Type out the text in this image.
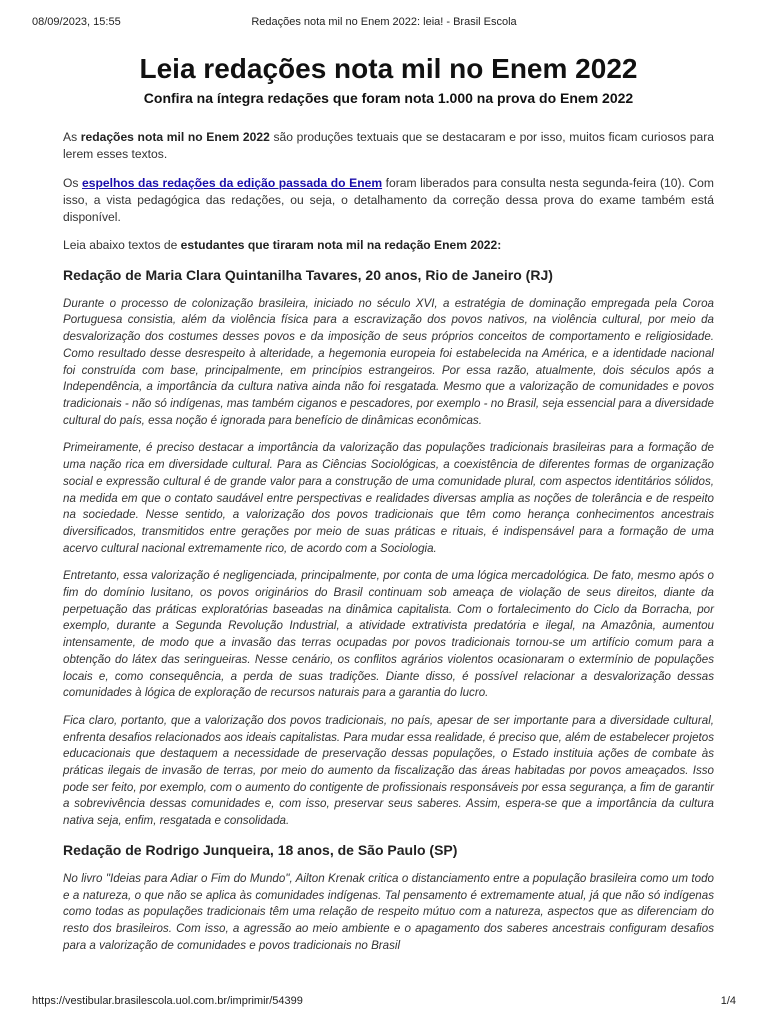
08/09/2023, 15:55	Redações nota mil no Enem 2022: leia! - Brasil Escola
Leia redações nota mil no Enem 2022

Confira na íntegra redações que foram nota 1.000 na prova do Enem 2022

As redações nota mil no Enem 2022 são produções textuais que se destacaram e por isso, muitos ficam curiosos para lerem esses textos.

Os espelhos das redações da edição passada do Enem foram liberados para consulta nesta segunda-feira (10). Com isso, a vista pedagógica das redações, ou seja, o detalhamento da correção dessa prova do exame também está disponível.

Leia abaixo textos de estudantes que tiraram nota mil na redação Enem 2022:

Redação de Maria Clara Quintanilha Tavares, 20 anos, Rio de Janeiro (RJ)

Durante o processo de colonização brasileira, iniciado no século XVI, a estratégia de dominação empregada pela Coroa Portuguesa consistia, além da violência física para a escravização dos povos nativos, na violência cultural, por meio da desvalorização dos costumes desses povos e da imposição de seus próprios conceitos de comportamento e religiosidade. Como resultado desse desrespeito à alteridade, a hegemonia europeia foi estabelecida na América, e a identidade nacional foi construída com base, principalmente, em princípios estrangeiros. Por essa razão, atualmente, dois séculos após a Independência, a importância da cultura nativa ainda não foi resgatada. Mesmo que a valorização de comunidades e povos tradicionais - não só indígenas, mas também ciganos e pescadores, por exemplo - no Brasil, seja essencial para a diversidade cultural do país, essa noção é ignorada para benefício de dinâmicas econômicas.

Primeiramente, é preciso destacar a importância da valorização das populações tradicionais brasileiras para a formação de uma nação rica em diversidade cultural. Para as Ciências Sociológicas, a coexistência de diferentes formas de organização social e expressão cultural é de grande valor para a construção de uma comunidade plural, com aspectos identitários sólidos, na medida em que o contato saudável entre perspectivas e realidades diversas amplia as noções de tolerância e de respeito na sociedade. Nesse sentido, a valorização dos povos tradicionais que têm como herança conhecimentos ancestrais diversificados, transmitidos entre gerações por meio de suas práticas e rituais, é indispensável para a formação de uma acervo cultural nacional extremamente rico, de acordo com a Sociologia.

Entretanto, essa valorização é negligenciada, principalmente, por conta de uma lógica mercadológica. De fato, mesmo após o fim do domínio lusitano, os povos originários do Brasil continuam sob ameaça de violação de seus direitos, diante da perpetuação das práticas exploratórias baseadas na dinâmica capitalista. Com o fortalecimento do Ciclo da Borracha, por exemplo, durante a Segunda Revolução Industrial, a atividade extrativista predatória e ilegal, na Amazônia, aumentou intensamente, de modo que a invasão das terras ocupadas por povos tradicionais tornou-se um artifício comum para a obtenção do látex das seringueiras. Nesse cenário, os conflitos agrários violentos ocasionaram o extermínio de populações locais e, como consequência, a perda de suas tradições. Diante disso, é possível relacionar a desvalorização dessas comunidades à lógica de exploração de recursos naturais para a garantia do lucro.

Fica claro, portanto, que a valorização dos povos tradicionais, no país, apesar de ser importante para a diversidade cultural, enfrenta desafios relacionados aos ideais capitalistas. Para mudar essa realidade, é preciso que, além de estabelecer projetos educacionais que destaquem a necessidade de preservação dessas populações, o Estado instituia ações de combate às práticas ilegais de invasão de terras, por meio do aumento da fiscalização das áreas habitadas por povos ameaçados. Isso pode ser feito, por exemplo, com o aumento do contigente de profissionais responsáveis por essa segurança, a fim de garantir a sobrevivência dessas comunidades e, com isso, preservar seus saberes. Assim, espera-se que a importância da cultura nativa seja, enfim, resgatada e consolidada.

Redação de Rodrigo Junqueira, 18 anos, de São Paulo (SP)

No livro "Ideias para Adiar o Fim do Mundo", Ailton Krenak critica o distanciamento entre a população brasileira como um todo e a natureza, o que não se aplica às comunidades indígenas. Tal pensamento é extremamente atual, já que não só indígenas como todas as populações tradicionais têm uma relação de respeito mútuo com a natureza, aspectos que as diferenciam do resto dos brasileiros. Com isso, a agressão ao meio ambiente e o apagamento dos saberes ancestrais configuram desafios para a valorização de comunidades e povos tradicionais no Brasil

https://vestibular.brasilescola.uol.com.br/imprimir/54399	1/4
